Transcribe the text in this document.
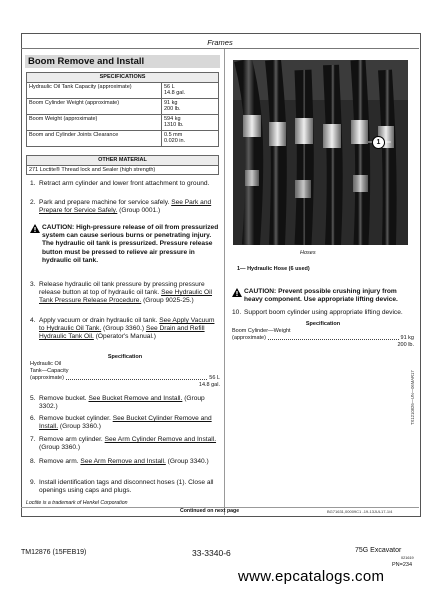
Frames
Boom Remove and Install
SPECIFICATIONS	
Hydraulic Oil Tank Capacity (approximate)	56 L
14.8 gal.
Boom Cylinder Weight (approximate)	91 kg
200 lb.
Boom Weight (approximate)	594 kg
1310 lb.
Boom and Cylinder Joints Clearance	0.5 mm
0.020 in.
OTHER MATERIAL
271 Loctite® Thread lock and Sealer (high strength)
1. Retract arm cylinder and lower front attachment to ground.
2. Park and prepare machine for service safely. See Park and Prepare for Service Safely. (Group 0001.)
CAUTION: High-pressure release of oil from pressurized system can cause serious burns or penetrating injury. The hydraulic oil tank is pressurized. Pressure release button must be pressed to relieve air pressure in hydraulic oil tank.
3. Release hydraulic oil tank pressure by pressing pressure release button at top of hydraulic oil tank. See Hydraulic Oil Tank Pressure Release Procedure. (Group 9025-25.)
4. Apply vacuum or drain hydraulic oil tank. See Apply Vacuum to Hydraulic Oil Tank. (Group 3360.) See Drain and Refill Hydraulic Tank Oil. (Operator's Manual.)
Specification
Hydraulic Oil
Tank—Capacity
(approximate)	56 L
14.8 gal.
5. Remove bucket. See Bucket Remove and Install. (Group 3302.)
6. Remove bucket cylinder. See Bucket Cylinder Remove and Install. (Group 3360.)
7. Remove arm cylinder. See Arm Cylinder Remove and Install. (Group 3360.)
8. Remove arm. See Arm Remove and Install. (Group 3340.)
9. Install identification tags and disconnect hoses (1). Close all openings using caps and plugs.
Loctite is a trademark of Henkel Corporation
1
TX1210826—UN—06MAR17
Hoses
1— Hydraulic Hose (6 used)
CAUTION: Prevent possible crushing injury from heavy component. Use appropriate lifting device.
10. Support boom cylinder using appropriate lifting device.
Specification
Boom Cylinder—Weight
(approximate)	91 kg
200 lb.
Continued on next page	BG71631,00009C1 -19-13JUL17-1/4
TM12876 (15FEB19)	33-3340-6	75G Excavator
021619
PN=234
www.epcatalogs.com
